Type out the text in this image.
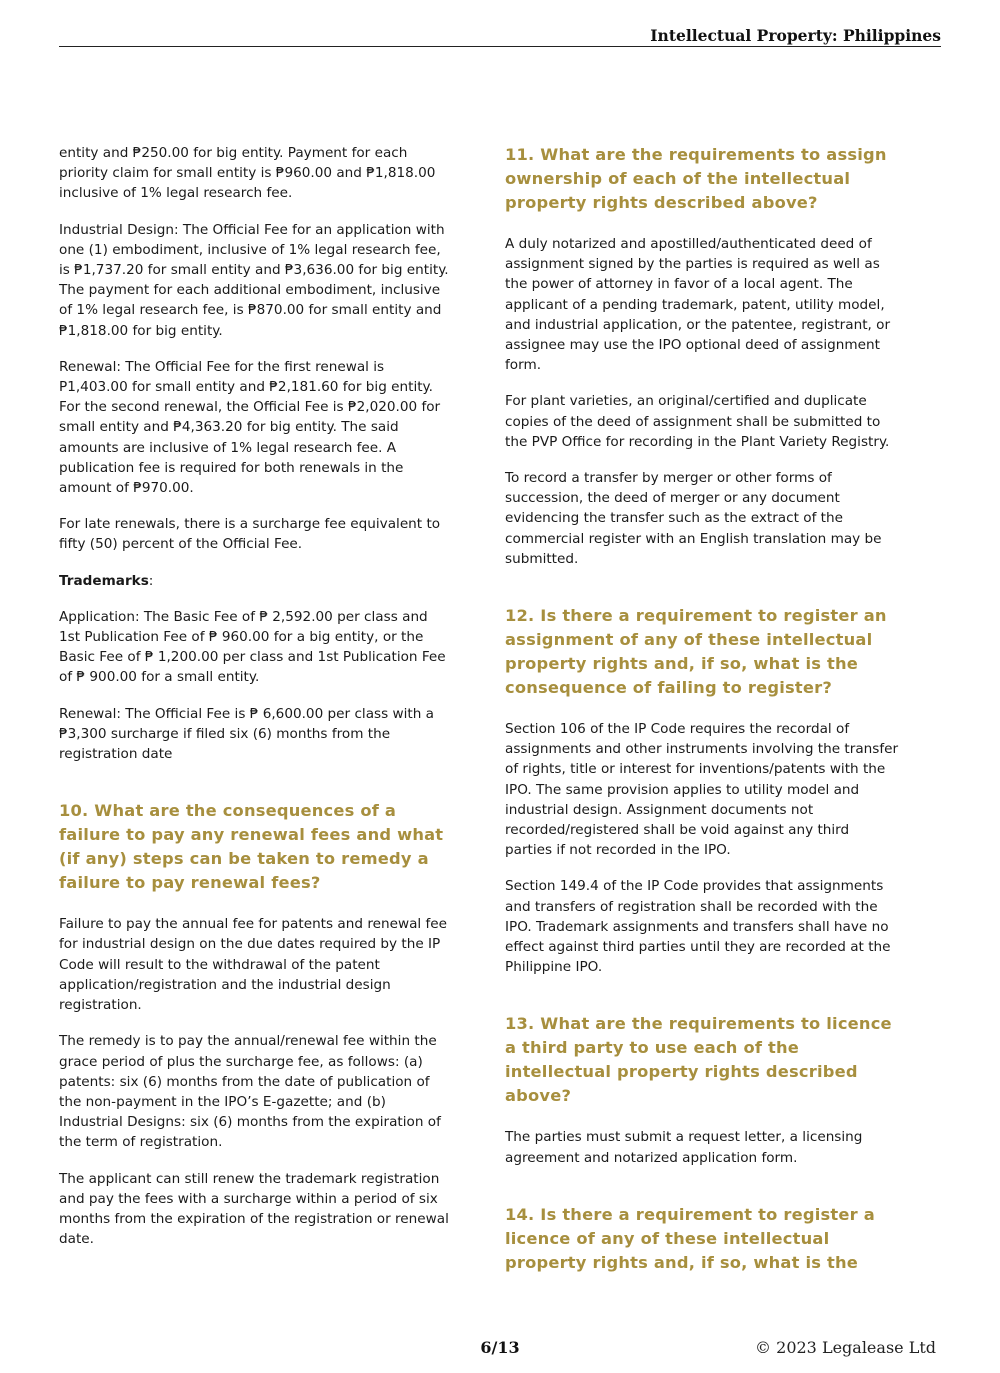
Intellectual Property: Philippines

entity and ₱250.00 for big entity. Payment for each priority claim for small entity is ₱960.00 and ₱1,818.00 inclusive of 1% legal research fee.

Industrial Design: The Official Fee for an application with one (1) embodiment, inclusive of 1% legal research fee, is ₱1,737.20 for small entity and ₱3,636.00 for big entity. The payment for each additional embodiment, inclusive of 1% legal research fee, is ₱870.00 for small entity and ₱1,818.00 for big entity.

Renewal: The Official Fee for the first renewal is P1,403.00 for small entity and ₱2,181.60 for big entity. For the second renewal, the Official Fee is ₱2,020.00 for small entity and ₱4,363.20 for big entity. The said amounts are inclusive of 1% legal research fee. A publication fee is required for both renewals in the amount of ₱970.00.

For late renewals, there is a surcharge fee equivalent to fifty (50) percent of the Official Fee.

Trademarks:

Application: The Basic Fee of ₱ 2,592.00 per class and 1st Publication Fee of ₱ 960.00 for a big entity, or the Basic Fee of ₱ 1,200.00 per class and 1st Publication Fee of ₱ 900.00 for a small entity.

Renewal: The Official Fee is ₱ 6,600.00 per class with a ₱3,300 surcharge if filed six (6) months from the registration date

10. What are the consequences of a failure to pay any renewal fees and what (if any) steps can be taken to remedy a failure to pay renewal fees?

Failure to pay the annual fee for patents and renewal fee for industrial design on the due dates required by the IP Code will result to the withdrawal of the patent application/registration and the industrial design registration.

The remedy is to pay the annual/renewal fee within the grace period of plus the surcharge fee, as follows: (a) patents: six (6) months from the date of publication of the non-payment in the IPO’s E-gazette; and (b) Industrial Designs: six (6) months from the expiration of the term of registration.

The applicant can still renew the trademark registration and pay the fees with a surcharge within a period of six months from the expiration of the registration or renewal date.

11. What are the requirements to assign ownership of each of the intellectual property rights described above?

A duly notarized and apostilled/authenticated deed of assignment signed by the parties is required as well as the power of attorney in favor of a local agent. The applicant of a pending trademark, patent, utility model, and industrial application, or the patentee, registrant, or assignee may use the IPO optional deed of assignment form.

For plant varieties, an original/certified and duplicate copies of the deed of assignment shall be submitted to the PVP Office for recording in the Plant Variety Registry.

To record a transfer by merger or other forms of succession, the deed of merger or any document evidencing the transfer such as the extract of the commercial register with an English translation may be submitted.

12. Is there a requirement to register an assignment of any of these intellectual property rights and, if so, what is the consequence of failing to register?

Section 106 of the IP Code requires the recordal of assignments and other instruments involving the transfer of rights, title or interest for inventions/patents with the IPO. The same provision applies to utility model and industrial design. Assignment documents not recorded/registered shall be void against any third parties if not recorded in the IPO.

Section 149.4 of the IP Code provides that assignments and transfers of registration shall be recorded with the IPO. Trademark assignments and transfers shall have no effect against third parties until they are recorded at the Philippine IPO.

13. What are the requirements to licence a third party to use each of the intellectual property rights described above?

The parties must submit a request letter, a licensing agreement and notarized application form.

14. Is there a requirement to register a licence of any of these intellectual property rights and, if so, what is the
6/13	© 2023 Legalease Ltd
